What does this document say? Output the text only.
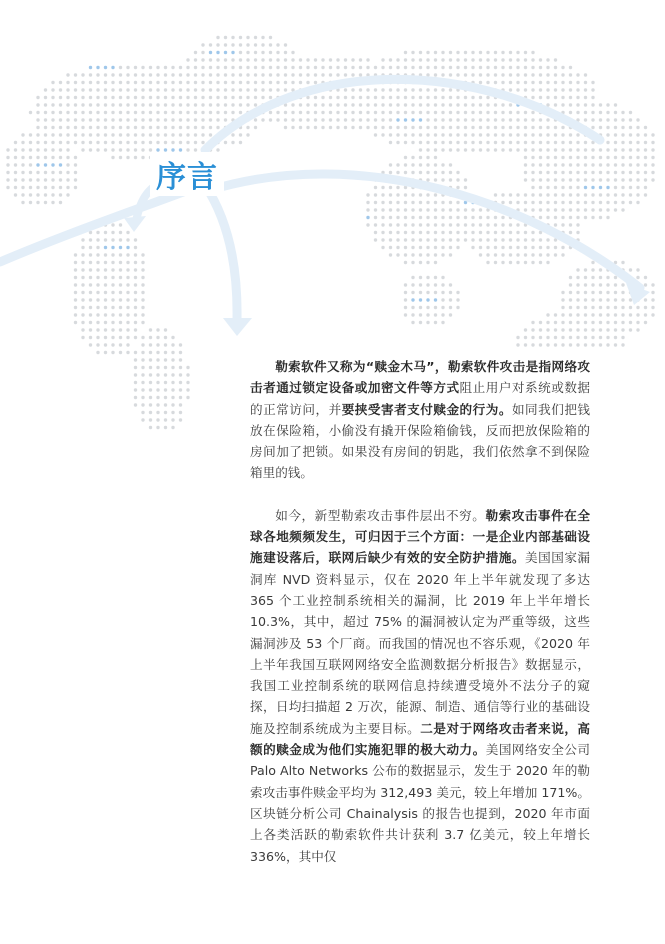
序言

勒索软件又称为“赎金木马”，勒索软件攻击是指网络攻击者通过锁定设备或加密文件等方式阻止用户对系统或数据的正常访问，并要挟受害者支付赎金的行为。如同我们把钱放在保险箱，小偷没有撬开保险箱偷钱，反而把放保险箱的房间加了把锁。如果没有房间的钥匙，我们依然拿不到保险箱里的钱。

如今，新型勒索攻击事件层出不穷。勒索攻击事件在全球各地频频发生，可归因于三个方面：一是企业内部基础设施建设落后，联网后缺少有效的安全防护措施。美国国家漏洞库 NVD 资料显示，仅在 2020 年上半年就发现了多达 365 个工业控制系统相关的漏洞，比 2019 年上半年增长 10.3%，其中，超过 75% 的漏洞被认定为严重等级，这些漏洞涉及 53 个厂商。而我国的情况也不容乐观，《2020 年上半年我国互联网网络安全监测数据分析报告》数据显示，我国工业控制系统的联网信息持续遭受境外不法分子的窥探，日均扫描超 2 万次，能源、制造、通信等行业的基础设施及控制系统成为主要目标。二是对于网络攻击者来说，高额的赎金成为他们实施犯罪的极大动力。美国网络安全公司 Palo Alto Networks 公布的数据显示，发生于 2020 年的勒索攻击事件赎金平均为 312,493 美元，较上年增加 171%。区块链分析公司 Chainalysis 的报告也提到，2020 年市面上各类活跃的勒索软件共计获利 3.7 亿美元，较上年增长 336%，其中仅
